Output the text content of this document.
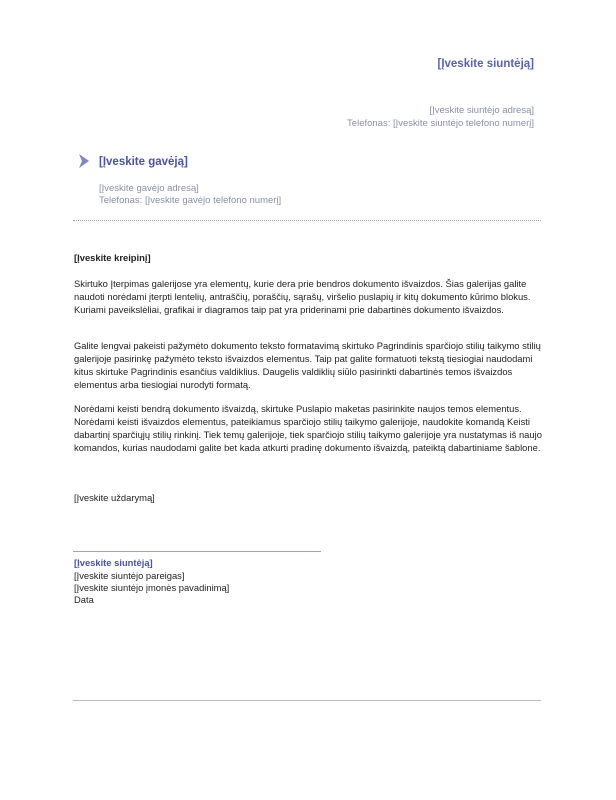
[Įveskite siuntėją]
[Įveskite siuntėjo adresą]
Telefonas: [Įveskite siuntėjo telefono numerį]
[Įveskite gavėją]
[Įveskite gavėjo adresą]
Telefonas: [Įveskite gavėjo telefono numerį]
[Įveskite kreipinį]
Skirtuko Įterpimas galerijose yra elementų, kurie dera prie bendros dokumento išvaizdos. Šias galerijas galite naudoti norėdami įterpti lentelių, antraščių, poraščių, sąrašų, viršelio puslapių ir kitų dokumento kūrimo blokus. Kuriami paveikslėliai, grafikai ir diagramos taip pat yra priderinami prie dabartinės dokumento išvaizdos.
Galite lengvai pakeisti pažymėto dokumento teksto formatavimą skirtuko Pagrindinis sparčiojo stilių taikymo stilių galerijoje pasirinkę pažymėto teksto išvaizdos elementus. Taip pat galite formatuoti tekstą tiesiogiai naudodami kitus skirtuke Pagrindinis esančius valdiklius. Daugelis valdiklių siūlo pasirinkti dabartinės temos išvaizdos elementus arba tiesiogiai nurodyti formatą.
Norėdami keisti bendrą dokumento išvaizdą, skirtuke Puslapio maketas pasirinkite naujos temos elementus. Norėdami keisti išvaizdos elementus, pateikiamus sparčiojo stilių taikymo galerijoje, naudokite komandą Keisti dabartinį sparčiųjų stilių rinkinį. Tiek temų galerijoje, tiek sparčiojo stilių taikymo galerijoje yra nustatymas iš naujo komandos, kurias naudodami galite bet kada atkurti pradinę dokumento išvaizdą, pateiktą dabartiniame šablone.
[Įveskite uždarymą]
[Įveskite siuntėją]
[Įveskite siuntėjo pareigas]
[Įveskite siuntėjo įmonės pavadinimą]
Data
